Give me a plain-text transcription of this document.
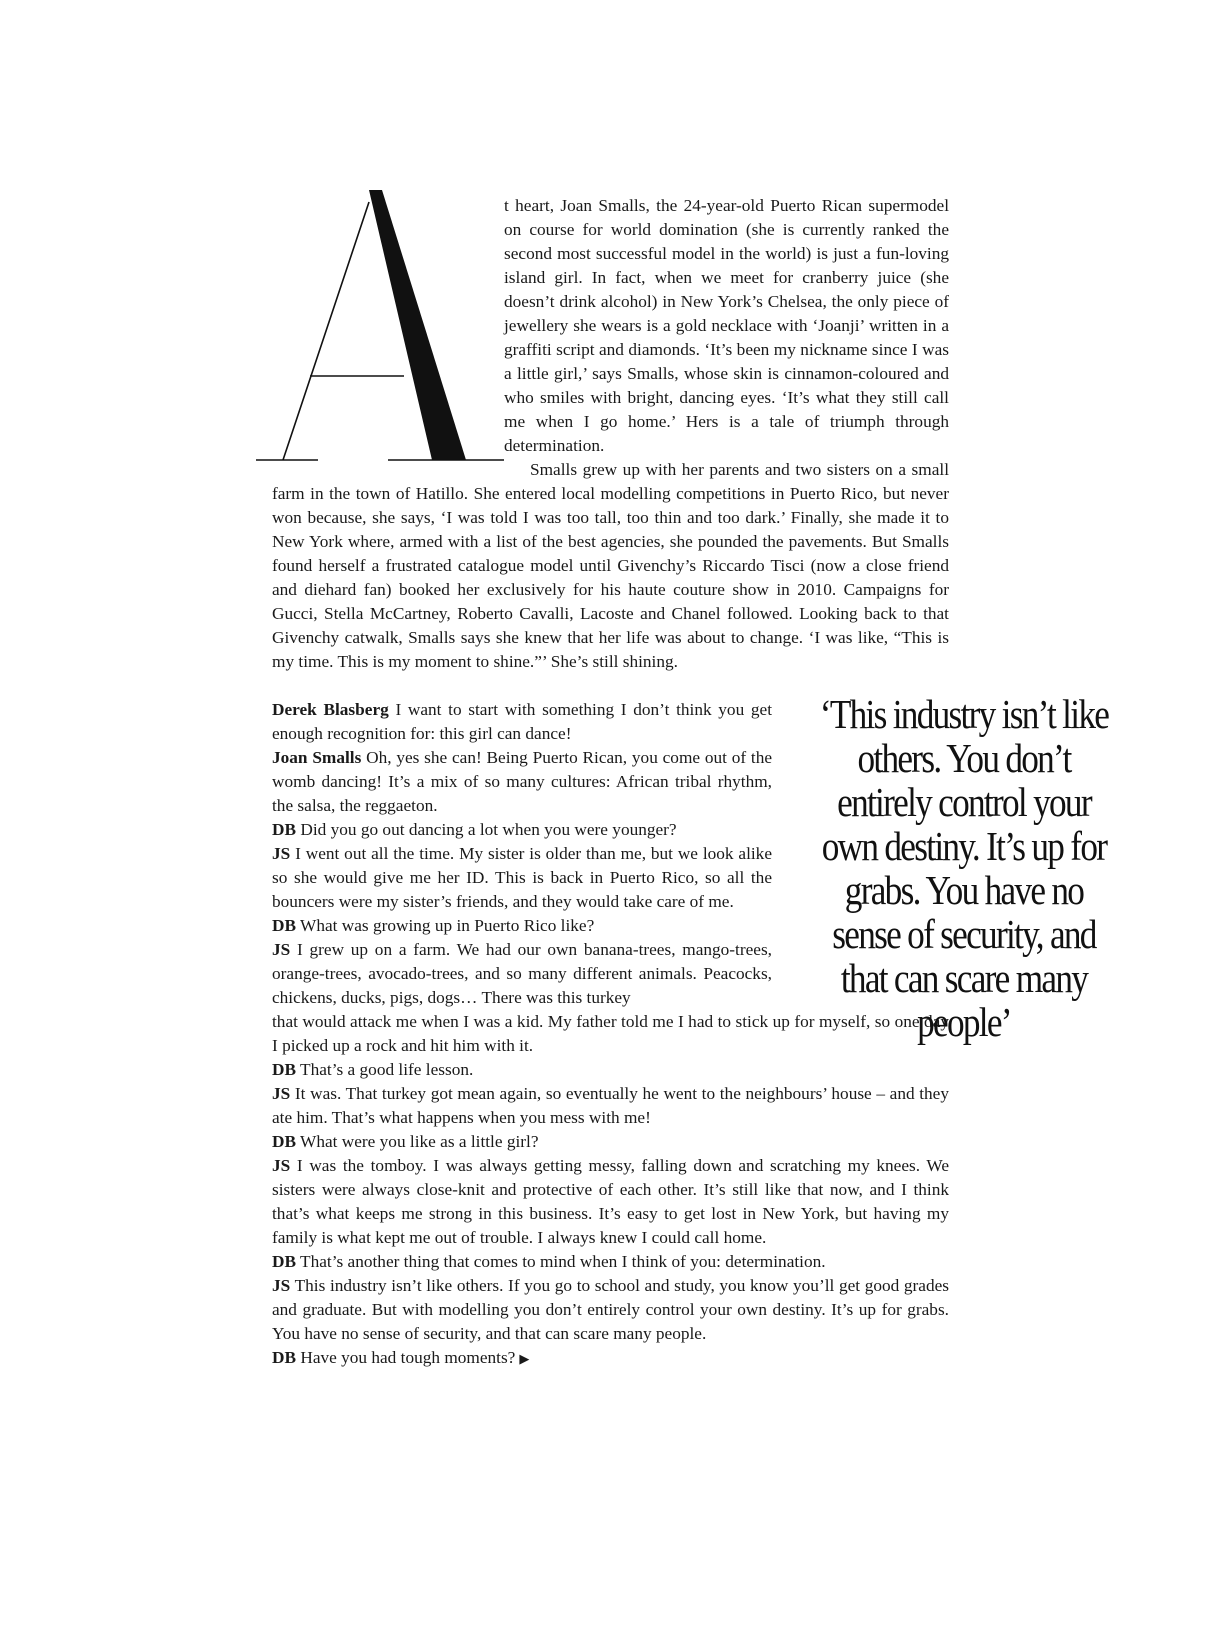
t heart, Joan Smalls, the 24-year-old Puerto Rican supermodel on course for world domination (she is currently ranked the second most successful model in the world) is just a fun-loving island girl. In fact, when we meet for cranberry juice (she doesn’t drink alcohol) in New York’s Chelsea, the only piece of jewellery she wears is a gold necklace with ‘Joanji’ written in a graffiti script and diamonds. ‘It’s been my nickname since I was a little girl,’ says Smalls, whose skin is cinnamon-coloured and who smiles with bright, dancing eyes. ‘It’s what they still call me when I go home.’ Hers is a tale of triumph through determination.

Smalls grew up with her parents and two sisters on a small farm in the town of Hatillo. She entered local modelling competitions in Puerto Rico, but never won because, she says, ‘I was told I was too tall, too thin and too dark.’ Finally, she made it to New York where, armed with a list of the best agencies, she pounded the pavements. But Smalls found herself a frustrated catalogue model until Givenchy’s Riccardo Tisci (now a close friend and diehard fan) booked her exclusively for his haute couture show in 2010. Campaigns for Gucci, Stella McCartney, Roberto Cavalli, Lacoste and Chanel followed. Looking back to that Givenchy catwalk, Smalls says she knew that her life was about to change. ‘I was like, “This is my time. This is my moment to shine.”’ She’s still shining.

Derek Blasberg I want to start with something I don’t think you get enough recognition for: this girl can dance!
Joan Smalls Oh, yes she can! Being Puerto Rican, you come out of the womb dancing! It’s a mix of so many cultures: African tribal rhythm, the salsa, the reggaeton.
DB Did you go out dancing a lot when you were younger?
JS I went out all the time. My sister is older than me, but we look alike so she would give me her ID. This is back in Puerto Rico, so all the bouncers were my sister’s friends, and they would take care of me.
DB What was growing up in Puerto Rico like?
JS I grew up on a farm. We had our own banana-trees, mango-trees, orange-trees, avocado-trees, and so many different animals. Peacocks, chickens, ducks, pigs, dogs… There was this turkey
that would attack me when I was a kid. My father told me I had to stick up for myself, so one day I picked up a rock and hit him with it.
DB That’s a good life lesson.
JS It was. That turkey got mean again, so eventually he went to the neighbours’ house – and they ate him. That’s what happens when you mess with me!
DB What were you like as a little girl?
JS I was the tomboy. I was always getting messy, falling down and scratching my knees. We sisters were always close-knit and protective of each other. It’s still like that now, and I think that’s what keeps me strong in this business. It’s easy to get lost in New York, but having my family is what kept me out of trouble. I always knew I could call home.
DB That’s another thing that comes to mind when I think of you: determination.
JS This industry isn’t like others. If you go to school and study, you know you’ll get good grades and graduate. But with modelling you don’t entirely control your own destiny. It’s up for grabs. You have no sense of security, and that can scare many people.
DB Have you had tough moments? ▶

‘This industry isn’t like others. You don’t entirely control your own destiny. It’s up for grabs. You have no sense of security, and that can scare many people’
